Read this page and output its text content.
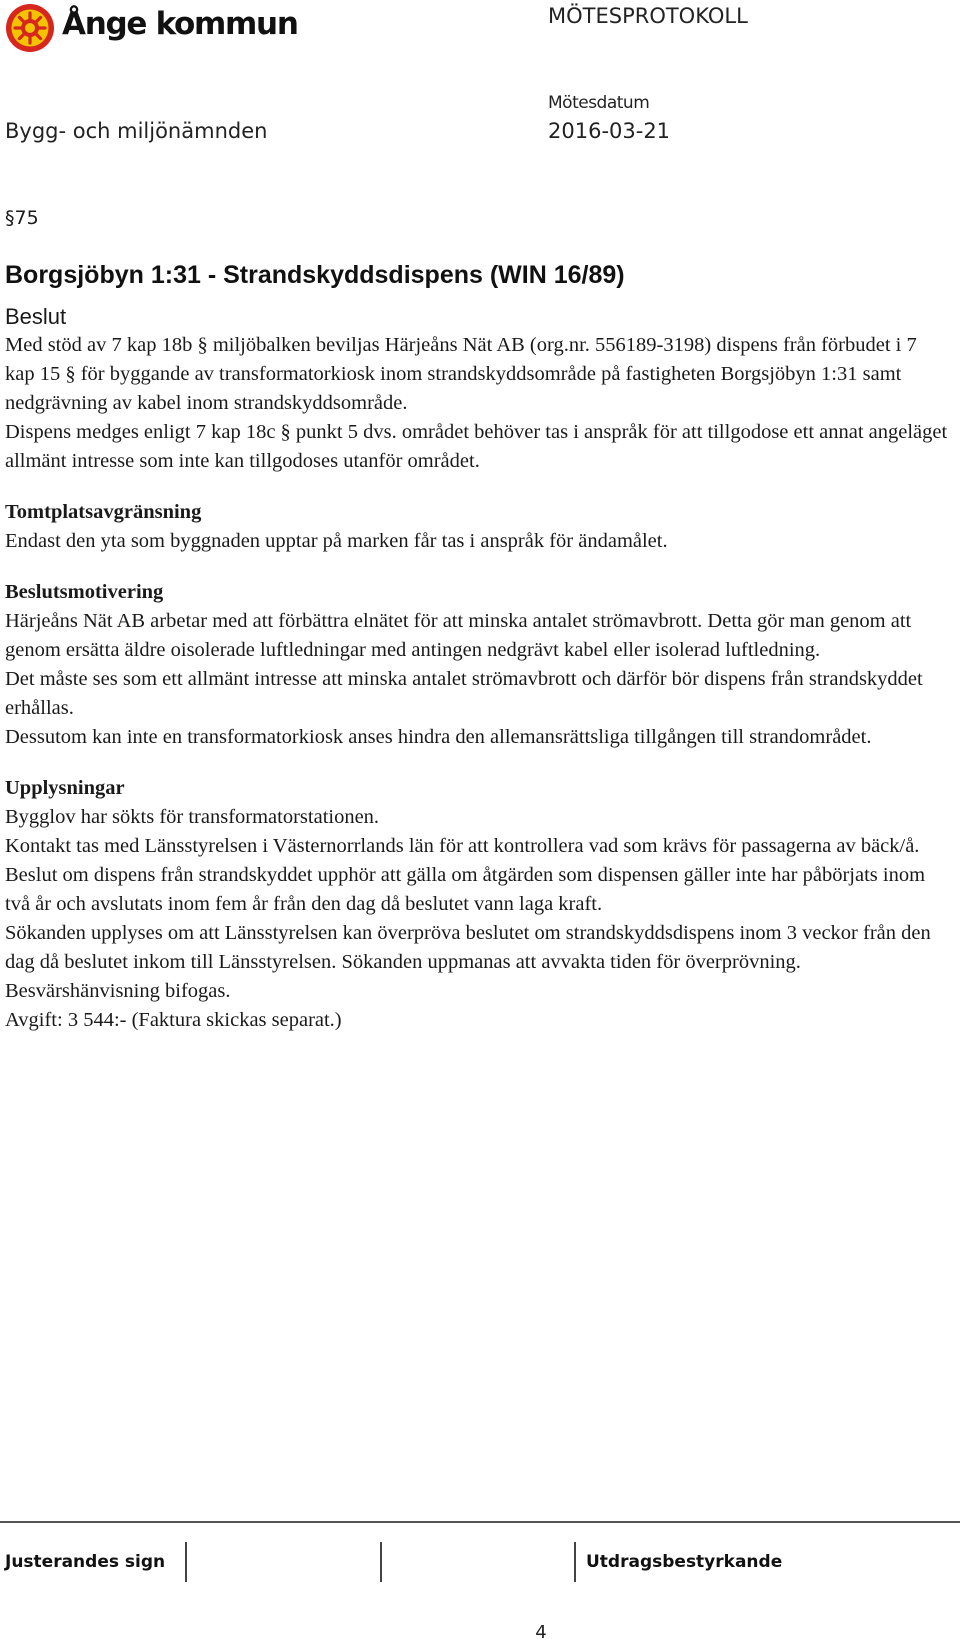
Ånge kommun	MÖTESPROTOKOLL
Mötesdatum
Bygg- och miljönämnden	2016-03-21
§75
Borgsjöbyn 1:31 - Strandskyddsdispens (WIN 16/89)
Beslut

Med stöd av 7 kap 18b § miljöbalken beviljas Härjeåns Nät AB (org.nr. 556189-3198) dispens från förbudet i 7 kap 15 § för byggande av transformatorkiosk inom strandskyddsområde på fastigheten Borgsjöbyn 1:31 samt nedgrävning av kabel inom strandskyddsområde.

Dispens medges enligt 7 kap 18c § punkt 5 dvs. området behöver tas i anspråk för att tillgodose ett annat angeläget allmänt intresse som inte kan tillgodoses utanför området.

Tomtplatsavgränsning

Endast den yta som byggnaden upptar på marken får tas i anspråk för ändamålet.

Beslutsmotivering

Härjeåns Nät AB arbetar med att förbättra elnätet för att minska antalet strömavbrott. Detta gör man genom att genom ersätta äldre oisolerade luftledningar med antingen nedgrävt kabel eller isolerad luftledning.

Det måste ses som ett allmänt intresse att minska antalet strömavbrott och därför bör dispens från strandskyddet erhållas.

Dessutom kan inte en transformatorkiosk anses hindra den allemansrättsliga tillgången till strandområdet.

Upplysningar

Bygglov har sökts för transformatorstationen.

Kontakt tas med Länsstyrelsen i Västernorrlands län för att kontrollera vad som krävs för passagerna av bäck/å.

Beslut om dispens från strandskyddet upphör att gälla om åtgärden som dispensen gäller inte har påbörjats inom två år och avslutats inom fem år från den dag då beslutet vann laga kraft.

Sökanden upplyses om att Länsstyrelsen kan överpröva beslutet om strandskyddsdispens inom 3 veckor från den dag då beslutet inkom till Länsstyrelsen. Sökanden uppmanas att avvakta tiden för överprövning.

Besvärshänvisning bifogas.

Avgift: 3 544:- (Faktura skickas separat.)

Justerandes sign	Utdragsbestyrkande
4
